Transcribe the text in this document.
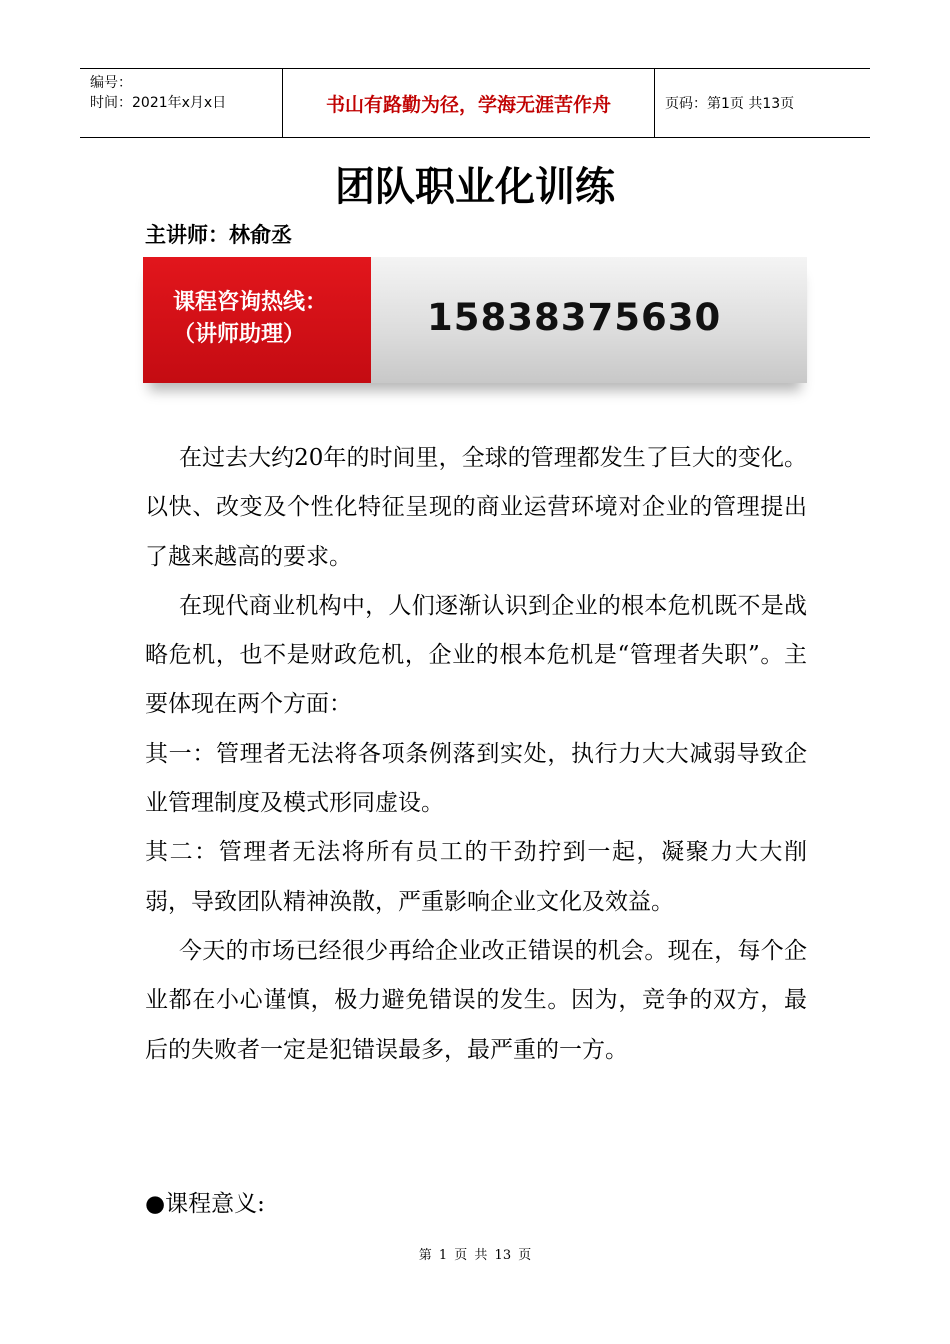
编号：
时间：2021年x月x日	书山有路勤为径，学海无涯苦作舟	页码：第1页 共13页
团队职业化训练
主讲师：林俞丞
课程咨询热线：
（讲师助理）	15838375630

在过去大约20年的时间里，全球的管理都发生了巨大的变化。以快、改变及个性化特征呈现的商业运营环境对企业的管理提出了越来越高的要求。

在现代商业机构中，人们逐渐认识到企业的根本危机既不是战略危机，也不是财政危机，企业的根本危机是“管理者失职”。主要体现在两个方面：

其一：管理者无法将各项条例落到实处，执行力大大减弱导致企业管理制度及模式形同虚设。

其二：管理者无法将所有员工的干劲拧到一起，凝聚力大大削弱，导致团队精神涣散，严重影响企业文化及效益。

今天的市场已经很少再给企业改正错误的机会。现在，每个企业都在小心谨慎，极力避免错误的发生。因为，竞争的双方，最后的失败者一定是犯错误最多，最严重的一方。

●课程意义:
第 1 页 共 13 页
